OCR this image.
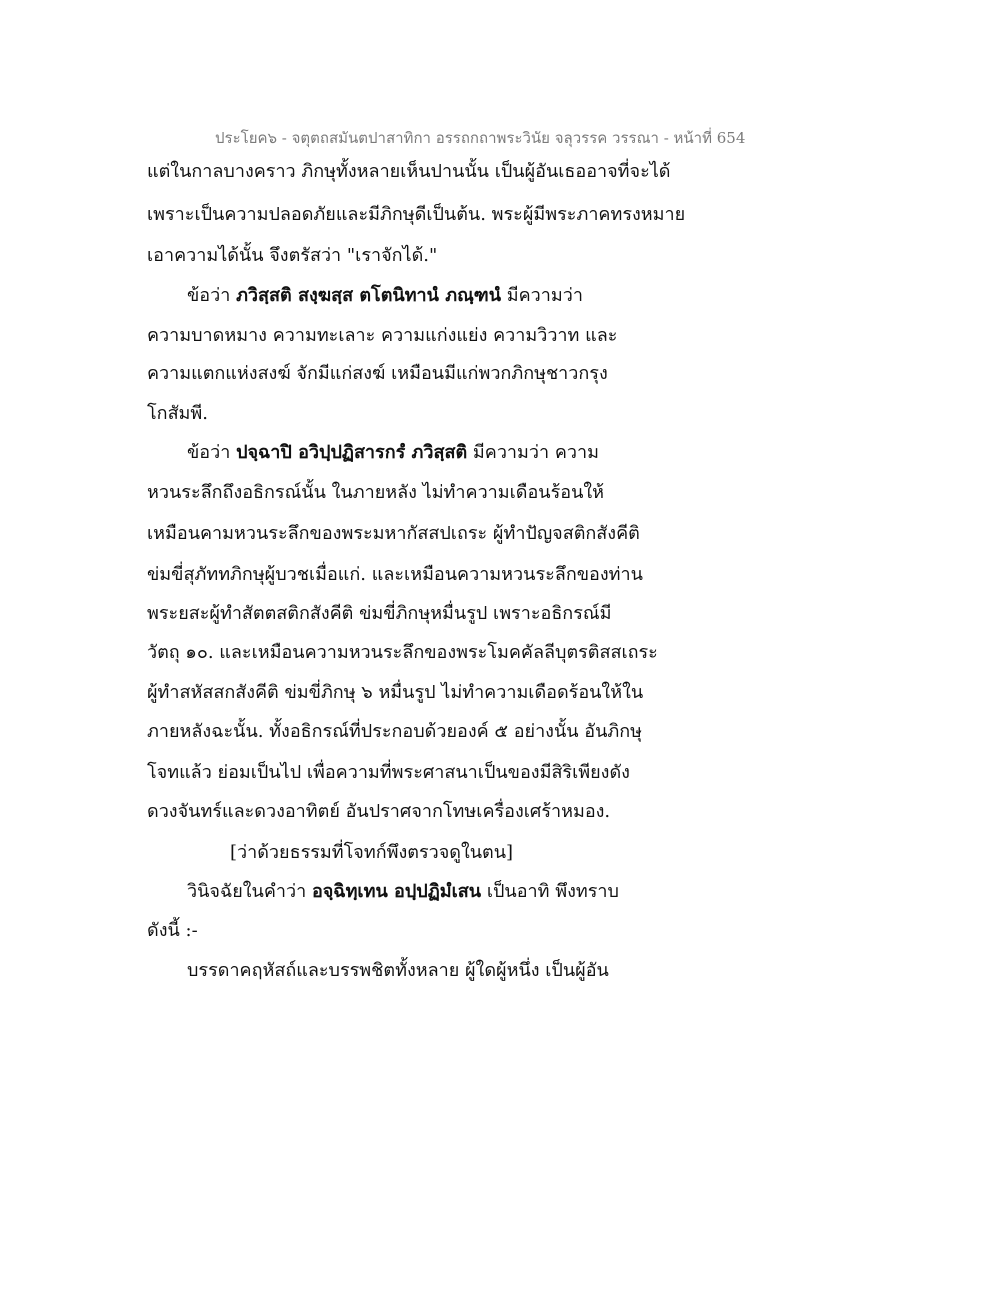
ประโยค๖ - จตุตถสมันตปาสาทิกา อรรถกถาพระวินัย จลุวรรค วรรณา - หน้าที่ 654
แต่ในกาลบางคราว ภิกษุทั้งหลายเห็นปานนั้น เป็นผู้อันเธออาจที่จะได้
เพราะเป็นความปลอดภัยและมีภิกษุดีเป็นต้น. พระผู้มีพระภาคทรงหมาย
เอาความได้นั้น จึงตรัสว่า "เราจักได้."
ข้อว่า ภวิสฺสติ สงฺฆสฺส ตโตนิทานํ ภณฺฑนํ มีความว่า
ความบาดหมาง ความทะเลาะ ความแก่งแย่ง ความวิวาท และ
ความแตกแห่งสงฆ์ จักมีแก่สงฆ์ เหมือนมีแก่พวกภิกษุชาวกรุง
โกสัมพี.
ข้อว่า ปจฺฉาปิ อวิปฺปฏิสารกรํ ภวิสฺสติ มีความว่า ความ
หวนระลึกถึงอธิกรณ์นั้น ในภายหลัง ไม่ทำความเดือนร้อนให้
เหมือนคามหวนระลึกของพระมหากัสสปเถระ ผู้ทำปัญจสติกสังคีติ
ข่มขี่สุภัททภิกษุผู้บวชเมื่อแก่. และเหมือนความหวนระลึกของท่าน
พระยสะผู้ทำสัตตสติกสังคีติ ข่มขี่ภิกษุหมื่นรูป เพราะอธิกรณ์มี
วัตถุ ๑๐. และเหมือนความหวนระลึกของพระโมคคัลลีบุตรติสสเถระ
ผู้ทำสหัสสกสังคีติ ข่มขี่ภิกษุ ๖ หมื่นรูป ไม่ทำความเดือดร้อนให้ใน
ภายหลังฉะนั้น. ทั้งอธิกรณ์ที่ประกอบด้วยองค์ ๕ อย่างนั้น อันภิกษุ
โจทแล้ว ย่อมเป็นไป เพื่อความที่พระศาสนาเป็นของมีสิริเพียงดัง
ดวงจันทร์และดวงอาทิตย์ อันปราศจากโทษเครื่องเศร้าหมอง.
[ว่าด้วยธรรมที่โจทก์พึงตรวจดูในตน]
วินิจฉัยในคำว่า อจฺฉิทฺเทน อปฺปฏิมํเสน เป็นอาทิ พึงทราบ
ดังนี้ :-
บรรดาคฤหัสถ์และบรรพชิตทั้งหลาย ผู้ใดผู้หนึ่ง เป็นผู้อัน
